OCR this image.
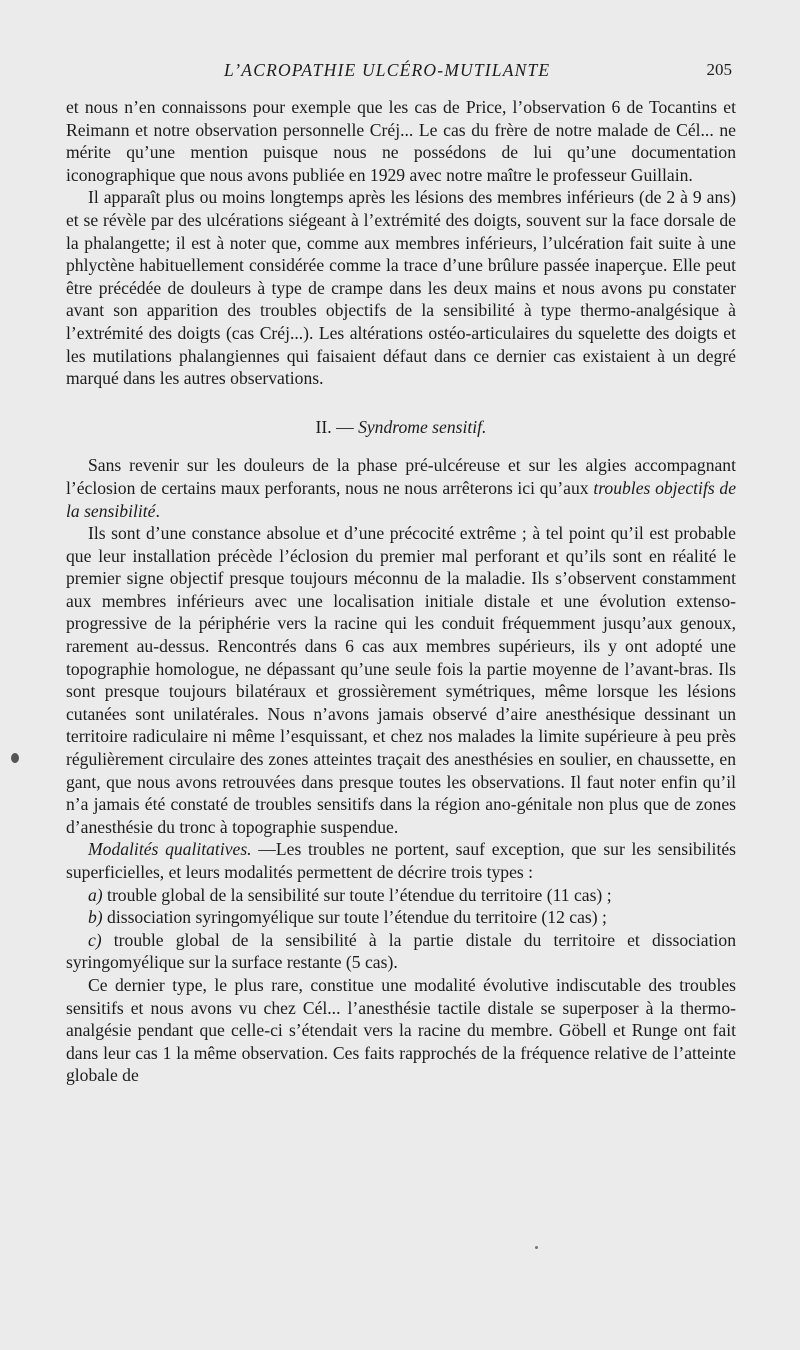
L’ACROPATHIE ULCÉRO-MUTILANTE	205

et nous n’en connaissons pour exemple que les cas de Price, l’observation 6 de Tocantins et Reimann et notre observation personnelle Créj... Le cas du frère de notre malade de Cél... ne mérite qu’une mention puisque nous ne possédons de lui qu’une documentation iconographique que nous avons publiée en 1929 avec notre maître le professeur Guillain.

Il apparaît plus ou moins longtemps après les lésions des membres inférieurs (de 2 à 9 ans) et se révèle par des ulcérations siégeant à l’extrémité des doigts, souvent sur la face dorsale de la phalangette; il est à noter que, comme aux membres inférieurs, l’ulcération fait suite à une phlyctène habituellement considérée comme la trace d’une brûlure passée inaperçue. Elle peut être précédée de douleurs à type de crampe dans les deux mains et nous avons pu constater avant son apparition des troubles objectifs de la sensibilité à type thermo-analgésique à l’extrémité des doigts (cas Créj...). Les altérations ostéo-articulaires du squelette des doigts et les mutilations phalangiennes qui faisaient défaut dans ce dernier cas existaient à un degré marqué dans les autres observations.

II. — Syndrome sensitif.

Sans revenir sur les douleurs de la phase pré-ulcéreuse et sur les algies accompagnant l’éclosion de certains maux perforants, nous ne nous arrêterons ici qu’aux troubles objectifs de la sensibilité.

Ils sont d’une constance absolue et d’une précocité extrême ; à tel point qu’il est probable que leur installation précède l’éclosion du premier mal perforant et qu’ils sont en réalité le premier signe objectif presque toujours méconnu de la maladie. Ils s’observent constamment aux membres inférieurs avec une localisation initiale distale et une évolution extenso-progressive de la périphérie vers la racine qui les conduit fréquemment jusqu’aux genoux, rarement au-dessus. Rencontrés dans 6 cas aux membres supérieurs, ils y ont adopté une topographie homologue, ne dépassant qu’une seule fois la partie moyenne de l’avant-bras. Ils sont presque toujours bilatéraux et grossièrement symétriques, même lorsque les lésions cutanées sont unilatérales. Nous n’avons jamais observé d’aire anesthésique dessinant un territoire radiculaire ni même l’esquissant, et chez nos malades la limite supérieure à peu près régulièrement circulaire des zones atteintes traçait des anesthésies en soulier, en chaussette, en gant, que nous avons retrouvées dans presque toutes les observations. Il faut noter enfin qu’il n’a jamais été constaté de troubles sensitifs dans la région ano-génitale non plus que de zones d’anesthésie du tronc à topographie suspendue.

Modalités qualitatives. —Les troubles ne portent, sauf exception, que sur les sensibilités superficielles, et leurs modalités permettent de décrire trois types :

a) trouble global de la sensibilité sur toute l’étendue du territoire (11 cas) ;

b) dissociation syringomyélique sur toute l’étendue du territoire (12 cas) ;

c) trouble global de la sensibilité à la partie distale du territoire et dissociation syringomyélique sur la surface restante (5 cas).

Ce dernier type, le plus rare, constitue une modalité évolutive indiscutable des troubles sensitifs et nous avons vu chez Cél... l’anesthésie tactile distale se superposer à la thermo-analgésie pendant que celle-ci s’étendait vers la racine du membre. Göbell et Runge ont fait dans leur cas 1 la même observation. Ces faits rapprochés de la fréquence relative de l’atteinte globale de
